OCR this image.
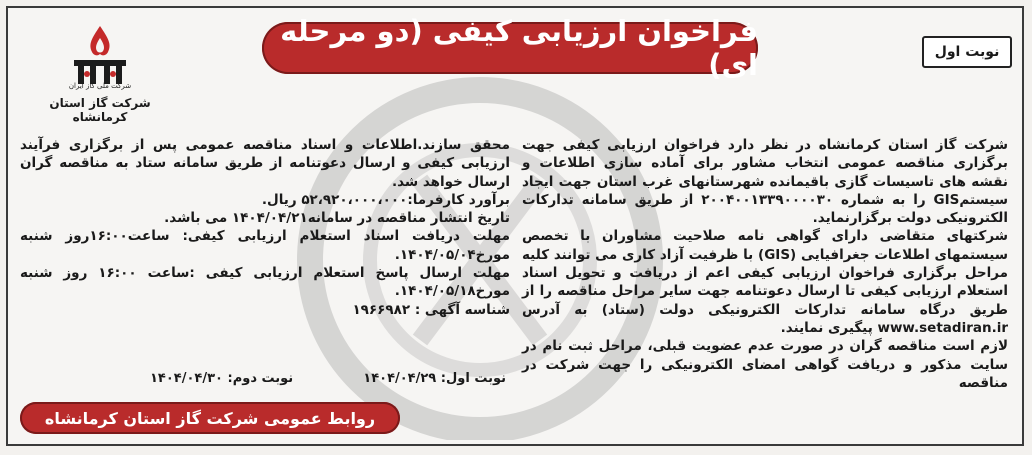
فراخوان ارزیابی کیفی (دو مرحله ای)	نوبت اول
شرکت ملی گاز ایران
شرکت گاز استان کرمانشاه

شرکت گاز استان کرمانشاه در نظر دارد فراخوان ارزیابی کیفی جهت برگزاری مناقصه عمومی انتخاب مشاور برای آماده سازی اطلاعات و نقشه های تاسیسات گازی باقیمانده شهرستانهای غرب استان جهت ایجاد سیستمGIS را به شماره ۲۰۰۴۰۰۱۳۳۹۰۰۰۰۳۰ از طریق سامانه تدارکات الکترونیکی دولت برگزارنماید.

شرکتهای متقاضی دارای گواهی نامه صلاحیت مشاوران با تخصص سیستمهای اطلاعات جغرافیایی (GIS) با ظرفیت آزاد کاری می توانند کلیه مراحل برگزاری فراخوان ارزیابی کیفی اعم از دریافت و تحویل اسناد استعلام ارزیابی کیفی تا ارسال دعوتنامه جهت سایر مراحل مناقصه را از طریق درگاه سامانه تدارکات الکترونیکی دولت (ستاد) به آدرس www.setadiran.ir پیگیری نمایند.

لازم است مناقصه گران در صورت عدم عضویت قبلی، مراحل ثبت نام در سایت مذکور و دریافت گواهی امضای الکترونیکی را جهت شرکت در مناقصه

محقق سازند.اطلاعات و اسناد مناقصه عمومی پس از برگزاری فرآیند ارزیابی کیفی و ارسال دعوتنامه از طریق سامانه ستاد به مناقصه گران ارسال خواهد شد.

برآورد کارفرما:۵۲،۹۲۰،۰۰۰،۰۰۰ ریال.

تاریخ انتشار مناقصه در سامانه۱۴۰۴/۰۴/۲۱ می باشد.

مهلت دریافت اسناد استعلام ارزیابی کیفی: ساعت۱۶:۰۰روز شنبه مورخ۱۴۰۴/۰۵/۰۴.

مهلت ارسال پاسخ استعلام ارزیابی کیفی :ساعت ۱۶:۰۰ روز شنبه مورخ۱۴۰۴/۰۵/۱۸.

شناسه آگهی : ۱۹۶۶۹۸۲

نوبت اول: ۱۴۰۴/۰۴/۲۹
نوبت دوم: ۱۴۰۴/۰۴/۳۰
روابط عمومی شرکت گاز استان کرمانشاه
